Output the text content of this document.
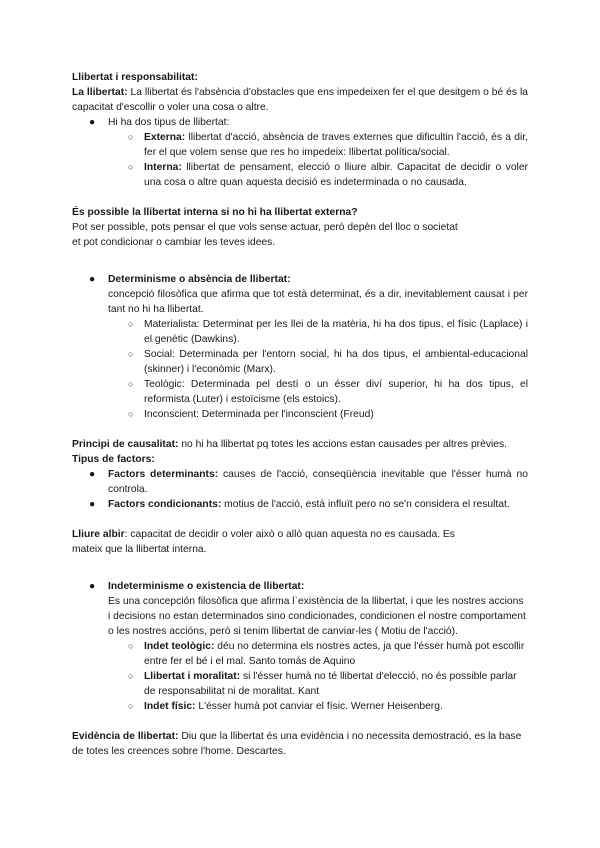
Llibertat i responsabilitat:

La llibertat: La llibertat és l'absència d'obstacles que ens impedeixen fer el que desitgem o bé és la capacitat d'escollir o voler una cosa o altre.

● Hi ha dos tipus de llibertat:
○ Externa: llibertat d'acció, absència de traves externes que dificultin l'acció, és a dir, fer el que volem sense que res ho impedeix: llibertat política/social.
○ Interna: llibertat de pensament, elecció o lliure albir. Capacitat de decidir o voler una cosa o altre quan aquesta decisió es indeterminada o no causada.

És possible la llibertat interna si no hi ha llibertat externa?

Pot ser possible, pots pensar el que vols sense actuar, però depèn del lloc o societat

et pot condicionar o cambiar les teves idees.

● Determinisme o absència de llibertat:
concepció filosòfica que afirma que tot està determinat, és a dir, inevitablement causat i per tant no hi ha llibertat.
○ Materialista: Determinat per les llei de la matèria, hi ha dos tipus, el físic (Laplace) i el genètic (Dawkins).
○ Social: Determinada per l'entorn social, hi ha dos tipus, el ambiental-educacional (skinner) i l'econòmic (Marx).
○ Teològic: Determinada pel destí o un ésser diví superior, hi ha dos tipus, el reformista (Luter) i estoïcisme (els estoics).
○ Inconscient: Determinada per l'inconscient (Freud)

Principi de causalitat: no hi ha llibertat pq totes les accions estan causades per altres prèvies.

Tipus de factors:

● Factors determinants: causes de l'acció, conseqüència inevitable que l'ésser humà no controla.
● Factors condicionants: motius de l'acció, està influït pero no se'n considera el resultat.

Lliure albir: capacitat de decidir o voler això o allò quan aquesta no es causada. Es

mateix que la llibertat interna.

● Indeterminisme o existencia de llibertat:
Es una concepción filosòfica que afirma l`existència de la llibertat, i que les nostres accions i decisions no estan determinados sino condicionades, condicionen el nostre comportament o les nostres accións, però si tenim llibertat de canviar-les ( Motiu de l'acció).
○ Indet teològic: déu no determina els nostres actes, ja que l'ésser humà pot escollir entre fer el bé i el mal. Santo tomás de Aquino
○ Llibertat i moralitat: si l'ésser humà no té llibertat d'elecció, no és possible parlar de responsabilitat ni de moralitat. Kant
○ Indet físic: L'ésser humà pot canviar el físic. Werner Heisenberg.

Evidència de llibertat: Diu que la llibertat és una evidència i no necessita demostració, es la base de totes les creences sobre l'home. Descartes.
